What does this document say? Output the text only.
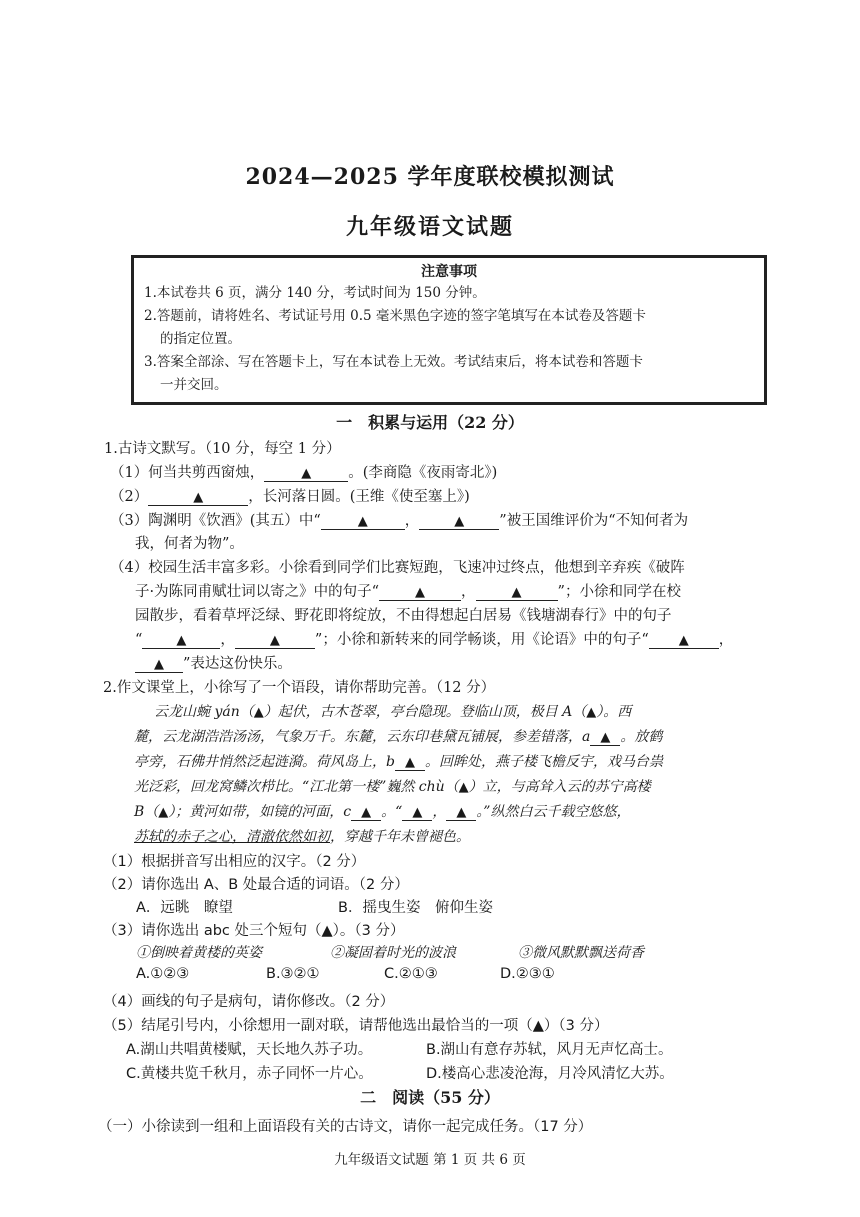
2024—2025 学年度联校模拟测试
九年级语文试题
注意事项

1.本试卷共 6 页，满分 140 分，考试时间为 150 分钟。

2.答题前，请将姓名、考试证号用 0.5 毫米黑色字迹的签字笔填写在本试卷及答题卡

的指定位置。

3.答案全部涂、写在答题卡上，写在本试卷上无效。考试结束后，将本试卷和答题卡

一并交回。

一　积累与运用（22 分）
1.古诗文默写。（10 分，每空 1 分）
（1）何当共剪西窗烛，	▲	。(李商隐《夜雨寄北》)
（2）	▲	，长河落日圆。(王维《使至塞上》)
（3）陶渊明《饮酒》(其五）中“	▲	，	▲ ”被王国维评价为“不知何者为
我，何者为物”。
（4）校园生活丰富多彩。小徐看到同学们比赛短跑，飞速冲过终点，他想到辛弃疾《破阵
子·为陈同甫赋壮词以寄之》中的句子“	▲ ，	▲ ”；小徐和同学在校
园散步，看着草坪泛绿、野花即将绽放，不由得想起白居易《钱塘湖春行》中的句子
“	▲ ，	▲ ”；小徐和新转来的同学畅谈，用《论语》中的句子“ ▲ ，
▲ ”表达这份快乐。
2.作文课堂上，小徐写了一个语段，请你帮助完善。（12 分）
云龙山蜿 yán（▲）起伏，古木苍翠，亭台隐现。登临山顶，极目 A（▲）。西
麓，云龙湖浩浩汤汤，气象万千。东麓，云东印巷黛瓦铺展，参差错落，a ▲ 。放鹤
亭旁，石佛井悄然泛起涟漪。荷风岛上，b ▲ 。回眸处，燕子楼飞檐反宇，戏马台祟
光泛彩，回龙窝鳞次栉比。“江北第一楼”巍然 chù（▲）立，与高耸入云的苏宁高楼
B（▲）；黄河如带，如镜的河面，c ▲ 。“ ▲ ， ▲ 。”纵然白云千载空悠悠，
苏轼的赤子之心，清澈依然如初，穿越千年未曾褪色。
（1）根据拼音写出相应的汉字。（2 分）
（2）请你选出 A、B 处最合适的词语。（2 分）
A．远眺　瞭望	B．摇曳生姿　俯仰生姿
（3）请你选出 abc 处三个短句（▲）。（3 分）
①倒映着黄楼的英姿	②凝固着时光的波浪	③微风默默飘送荷香
A.①②③	B.③②①	C.②①③	D.②③①
（4）画线的句子是病句，请你修改。（2 分）
（5）结尾引号内，小徐想用一副对联，请帮他选出最恰当的一项（▲）（3 分）
A.湖山共唱黄楼赋，天长地久苏子功。	B.湖山有意存苏轼，风月无声忆高士。
C.黄楼共览千秋月，赤子同怀一片心。	D.楼高心悲凌沧海，月冷风清忆大苏。
二　阅读（55 分）
（一）小徐读到一组和上面语段有关的古诗文，请你一起完成任务。（17 分）
九年级语文试题 第 1 页 共 6 页
